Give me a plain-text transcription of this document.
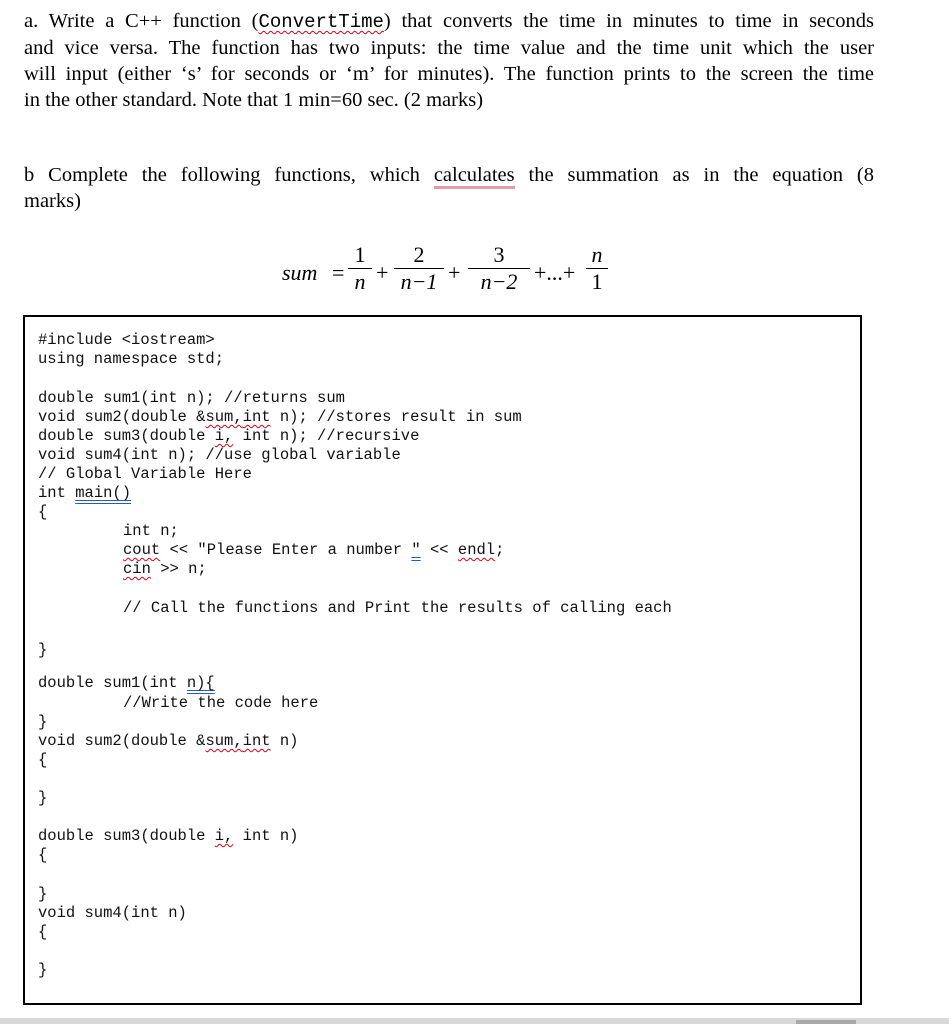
a. Write a C++ function (ConvertTime) that converts the time in minutes to time in seconds
and vice versa. The function has two inputs: the time value and the time unit which the user
will input (either ‘s’ for seconds or ‘m’ for minutes). The function prints to the screen the time
in the other standard. Note that 1 min=60 sec. (2 marks)
b Complete the following functions, which calculates the summation as in the equation (8
marks)
sum =
1
n +
2
n−1 +
3
n−2 +...+
n
1
#include <iostream>
using namespace std;
double sum1(int n); //returns sum
void sum2(double &sum,int n); //stores result in sum
double sum3(double i, int n); //recursive
void sum4(int n); //use global variable
// Global Variable Here
int main()
{
int n;
cout << "Please Enter a number " << endl;
cin >> n;
// Call the functions and Print the results of calling each
}
double sum1(int n){
//Write the code here
}
void sum2(double &sum,int n)
{
}
double sum3(double i, int n)
{
}
void sum4(int n)
{
}
